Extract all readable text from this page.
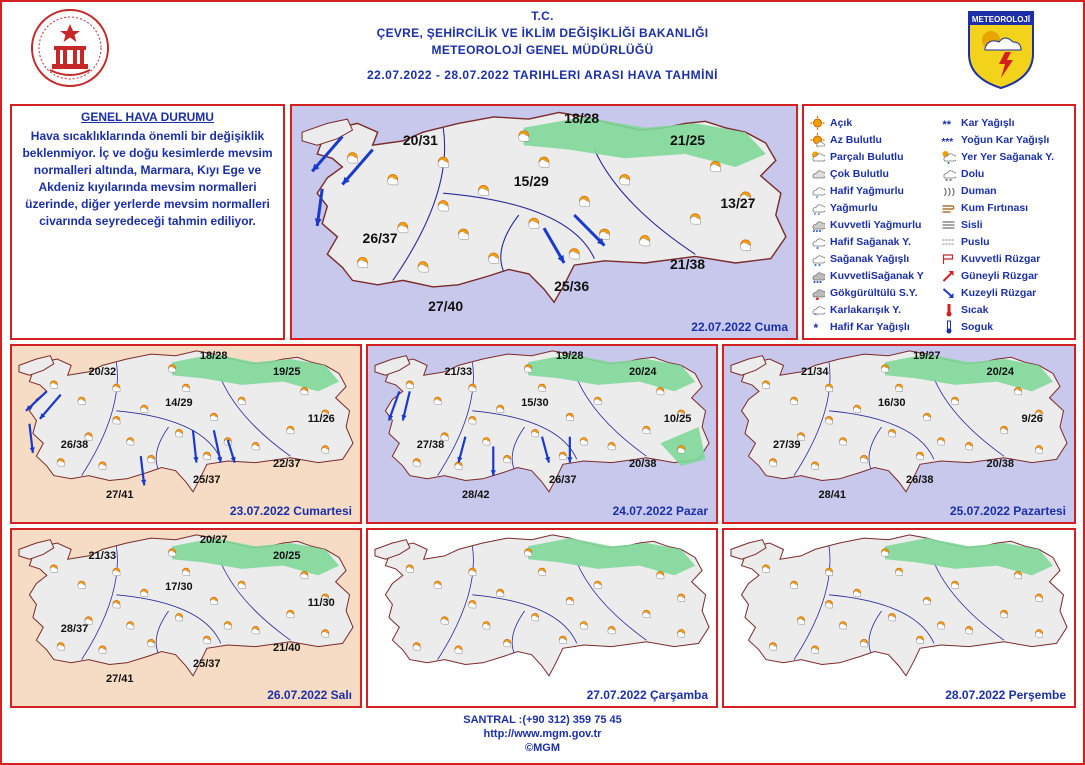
T.C.
ÇEVRE, ŞEHİRCİLİK VE İKLİM DEĞİŞİKLİĞİ BAKANLIĞI
METEOROLOJİ GENEL MÜDÜRLÜĞÜ
22.07.2022 - 28.07.2022 TARIHLERI ARASI HAVA TAHMİNİ
METEOROLOJİ
GENEL HAVA DURUMU
Hava sıcaklıklarında önemli bir değişiklik beklenmiyor. İç ve doğu kesimlerde mevsim normalleri altında, Marmara, Kıyı Ege ve Akdeniz kıyılarında mevsim normalleri üzerinde, diğer yerlerde mevsim normalleri civarında seyredeceği tahmin ediliyor.
Açık	** Kar Yağışlı
Az Bulutlu	*** Yoğun Kar Yağışlı
Parçalı Bulutlu	Yer Yer Sağanak Y.
Çok Bulutlu	Dolu
Hafif Yağmurlu	Duman
Yağmurlu	Kum Fırtınası
Kuvvetli Yağmurlu	Sisli
Hafif Sağanak Y.	Puslu
Sağanak Yağışlı	Kuvvetli Rüzgar
KuvvetliSağanak Y	Güneyli Rüzgar
Gökgürültülü S.Y.	Kuzeyli Rüzgar
*· Karlakarışık Y.	Sıcak
* Hafif Kar Yağışlı	Soguk
20/31
18/28
21/25
15/29
13/27
26/37
21/38
25/36
27/40
22.07.2022 Cuma
20/32
18/28
19/25
14/29
11/26
26/38
22/37
25/37
27/41
23.07.2022 Cumartesi
21/33
19/28
20/24
15/30
10/25
27/38
20/38
26/37
28/42
24.07.2022 Pazar
21/34
19/27
20/24
16/30
9/26
27/39
20/38
26/38
28/41
25.07.2022 Pazartesi
21/33
20/27
20/25
17/30
11/30
28/37
21/40
25/37
27/41
26.07.2022 Salı	27.07.2022 Çarşamba	28.07.2022 Perşembe
SANTRAL :(+90 312) 359 75 45
http://www.mgm.gov.tr
©MGM
